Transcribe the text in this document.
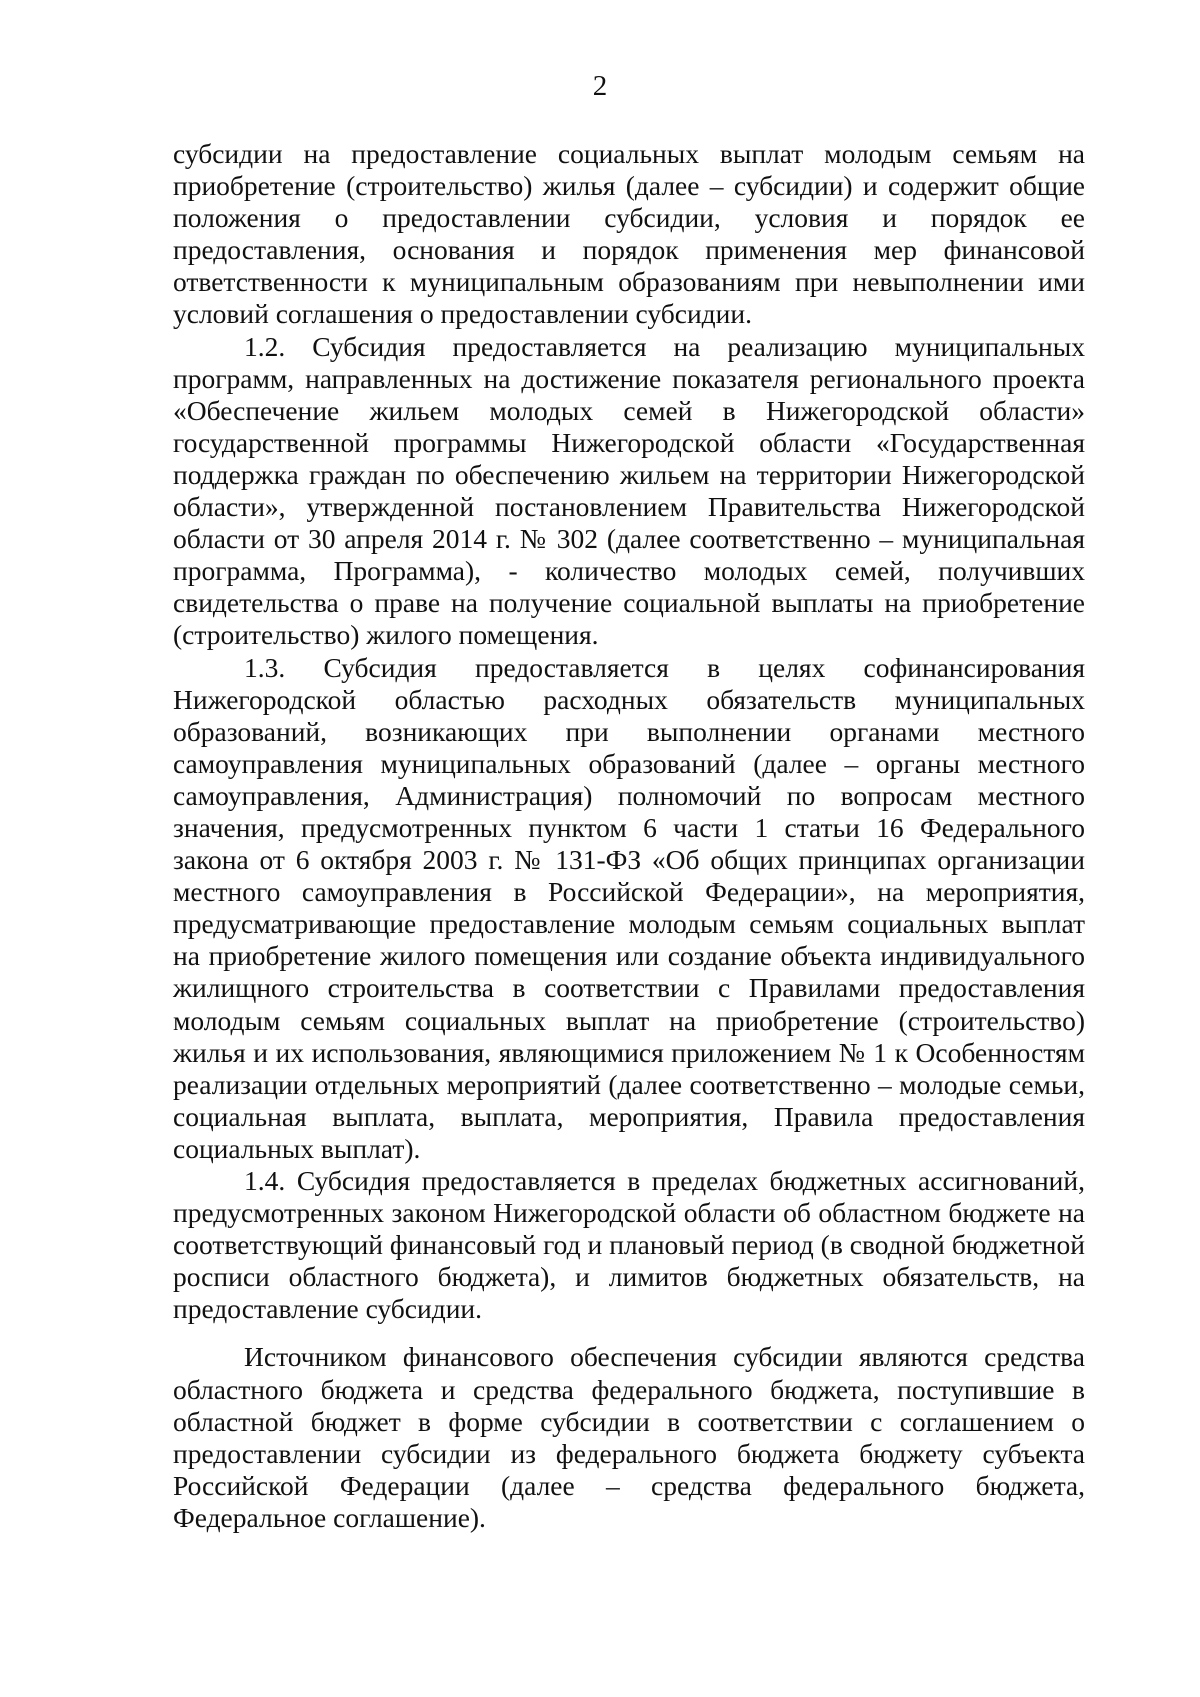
2

субсидии на предоставление социальных выплат молодым семьям на приобретение (строительство) жилья (далее – субсидии) и содержит общие положения о предоставлении субсидии, условия и порядок ее предоставления, основания и порядок применения мер финансовой ответственности к муниципальным образованиям при невыполнении ими условий соглашения о предоставлении субсидии.

1.2. Субсидия предоставляется на реализацию муниципальных программ, направленных на достижение показателя регионального проекта «Обеспечение жильем молодых семей в Нижегородской области» государственной программы Нижегородской области «Государственная поддержка граждан по обеспечению жильем на территории Нижегородской области», утвержденной постановлением Правительства Нижегородской области от 30 апреля 2014 г. № 302 (далее соответственно – муниципальная программа, Программа), - количество молодых семей, получивших свидетельства о праве на получение социальной выплаты на приобретение (строительство) жилого помещения.

1.3. Субсидия предоставляется в целях софинансирования Нижегородской областью расходных обязательств муниципальных образований, возникающих при выполнении органами местного самоуправления муниципальных образований (далее – органы местного самоуправления, Администрация) полномочий по вопросам местного значения, предусмотренных пунктом 6 части 1 статьи 16 Федерального закона от 6 октября 2003 г. № 131-ФЗ «Об общих принципах организации местного самоуправления в Российской Федерации», на мероприятия, предусматривающие предоставление молодым семьям социальных выплат на приобретение жилого помещения или создание объекта индивидуального жилищного строительства в соответствии с Правилами предоставления молодым семьям социальных выплат на приобретение (строительство) жилья и их использования, являющимися приложением № 1 к Особенностям реализации отдельных мероприятий (далее соответственно – молодые семьи, социальная выплата, выплата, мероприятия, Правила предоставления социальных выплат).

1.4. Субсидия предоставляется в пределах бюджетных ассигнований, предусмотренных законом Нижегородской области об областном бюджете на соответствующий финансовый год и плановый период (в сводной бюджетной росписи областного бюджета), и лимитов бюджетных обязательств, на предоставление субсидии.

Источником финансового обеспечения субсидии являются средства областного бюджета и средства федерального бюджета, поступившие в областной бюджет в форме субсидии в соответствии с соглашением о предоставлении субсидии из федерального бюджета бюджету субъекта Российской Федерации (далее – средства федерального бюджета, Федеральное соглашение).
